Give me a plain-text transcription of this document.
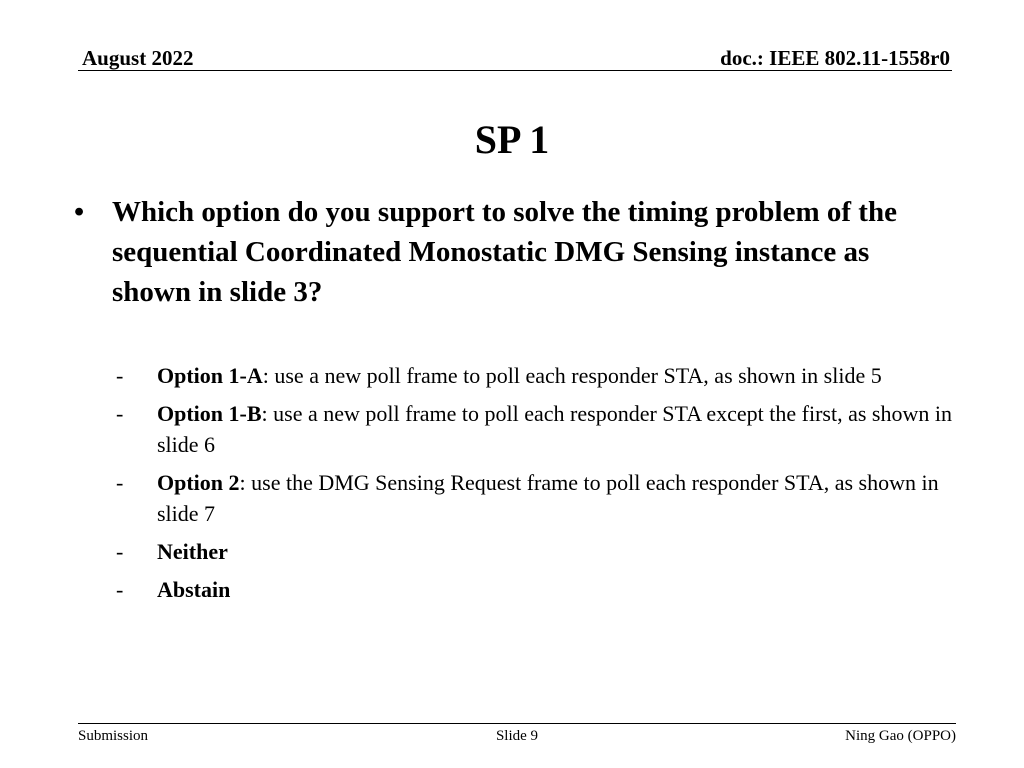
August 2022	doc.: IEEE 802.11-1558r0
SP 1
• Which option do you support to solve the timing problem of the sequential Coordinated Monostatic DMG Sensing instance as shown in slide 3?
- Option 1-A: use a new poll frame to poll each responder STA, as shown in slide 5
- Option 1-B: use a new poll frame to poll each responder STA except the first, as shown in slide 6
- Option 2: use the DMG Sensing Request frame to poll each responder STA, as shown in slide 7
- Neither
- Abstain
Submission	Slide 9	Ning Gao (OPPO)
